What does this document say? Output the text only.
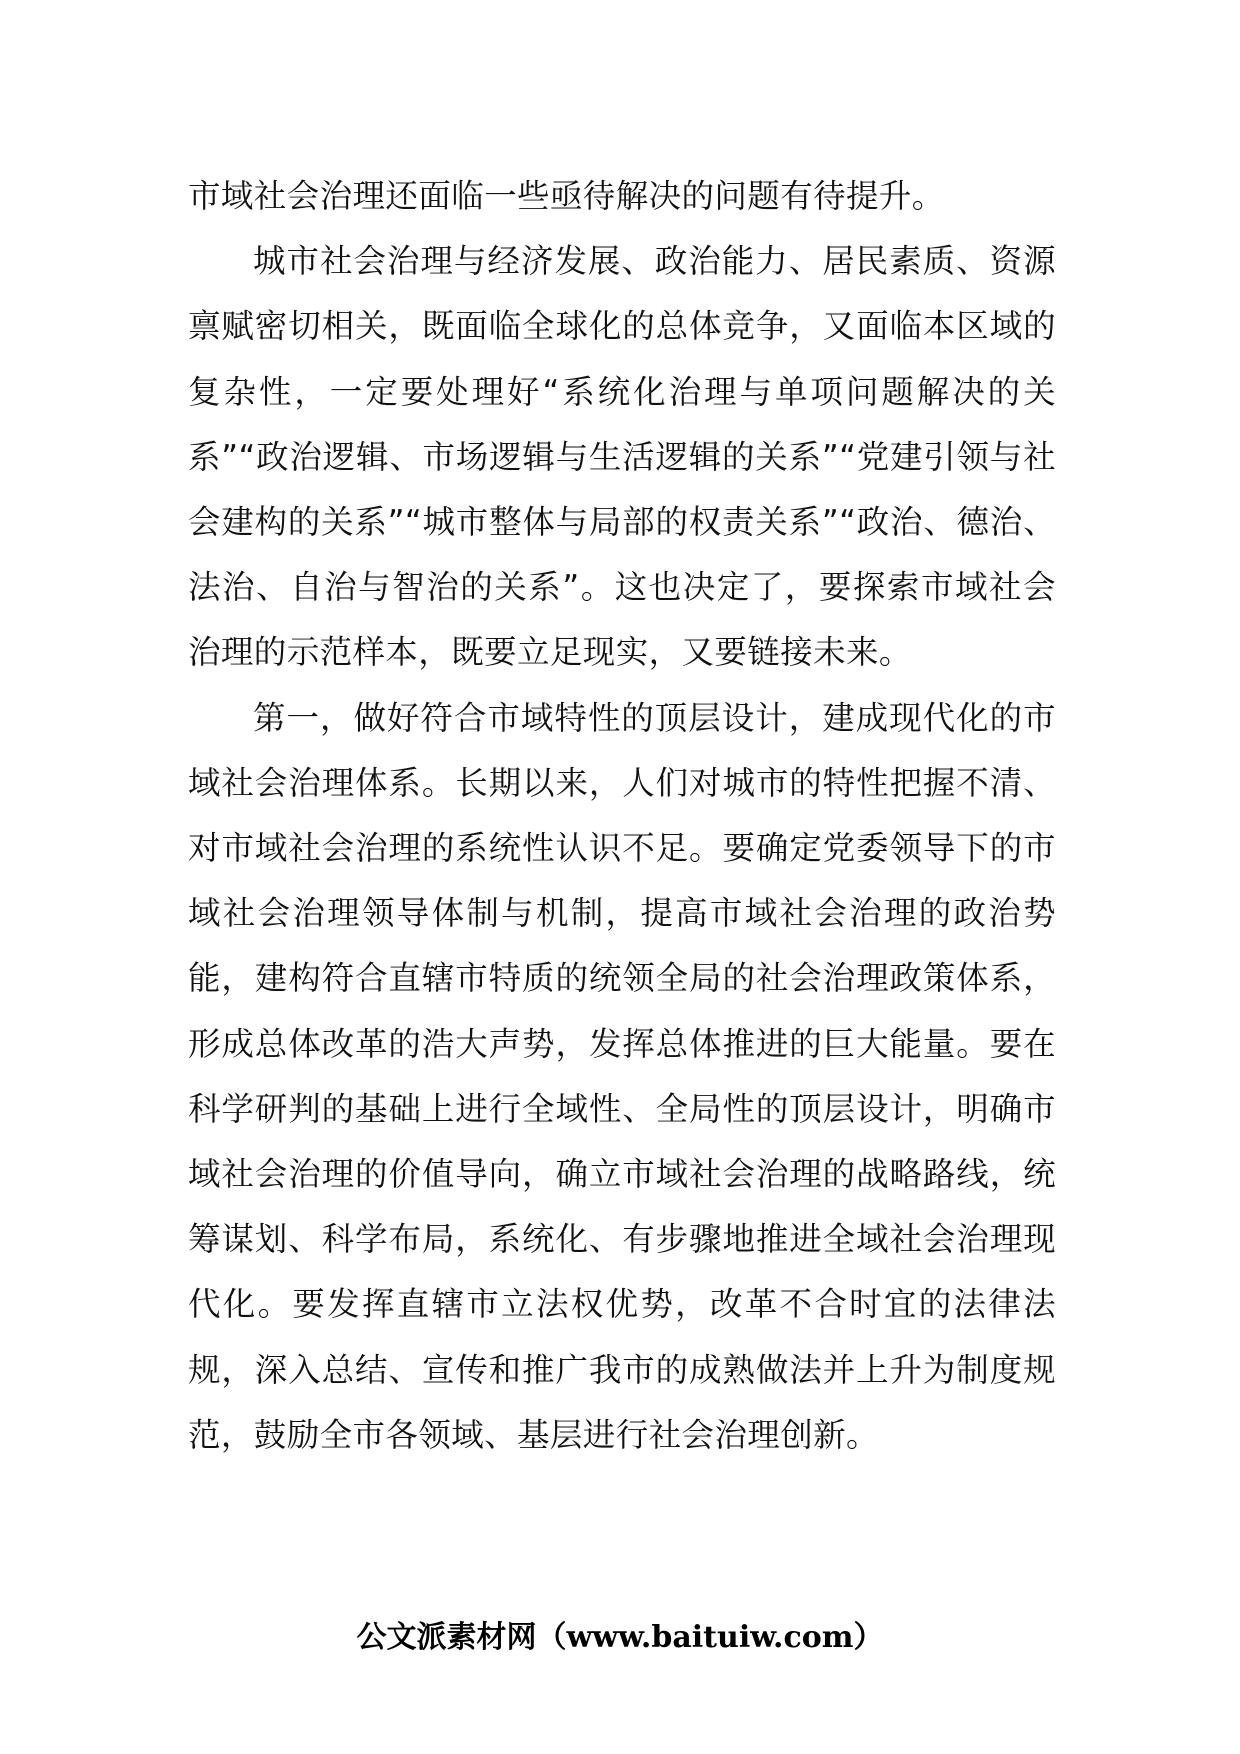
市域社会治理还面临一些亟待解决的问题有待提升。

城市社会治理与经济发展、政治能力、居民素质、资源禀赋密切相关，既面临全球化的总体竞争，又面临本区域的复杂性，一定要处理好“系统化治理与单项问题解决的关系”“政治逻辑、市场逻辑与生活逻辑的关系”“党建引领与社会建构的关系”“城市整体与局部的权责关系”“政治、德治、法治、自治与智治的关系”。这也决定了，要探索市域社会治理的示范样本，既要立足现实，又要链接未来。

第一，做好符合市域特性的顶层设计，建成现代化的市域社会治理体系。长期以来，人们对城市的特性把握不清、对市域社会治理的系统性认识不足。要确定党委领导下的市域社会治理领导体制与机制，提高市域社会治理的政治势能，建构符合直辖市特质的统领全局的社会治理政策体系，形成总体改革的浩大声势，发挥总体推进的巨大能量。要在科学研判的基础上进行全域性、全局性的顶层设计，明确市域社会治理的价值导向，确立市域社会治理的战略路线，统筹谋划、科学布局，系统化、有步骤地推进全域社会治理现代化。要发挥直辖市立法权优势，改革不合时宜的法律法规，深入总结、宣传和推广我市的成熟做法并上升为制度规范，鼓励全市各领域、基层进行社会治理创新。

公文派素材网（www.baituiw.com）
